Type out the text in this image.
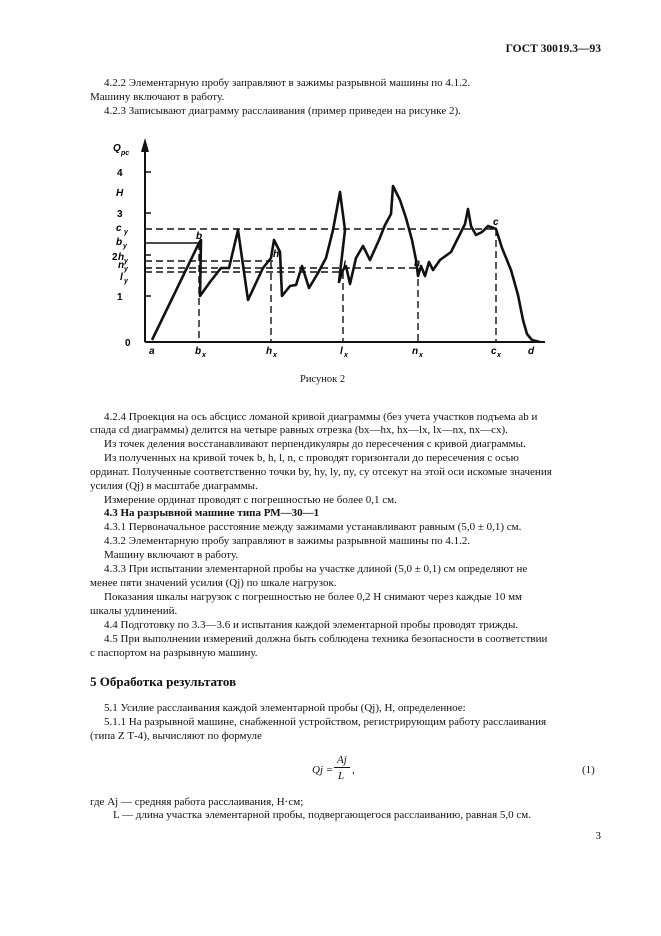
ГОСТ 30019.3—93
4.2.2 Элементарную пробу заправляют в зажимы разрывной машины по 4.1.2.
Машину включают в работу.
4.2.3 Записывают диаграмму расслаивания (пример приведен на рисунке 2).
Q pc
4
H
3
2
1
0
c y
b y
h y
n y
l y
a	b x	h x	l x	n x	c x	d
b
h
l	n
c
Рисунок 2
4.2.4 Проекция на ось абсцисс ломаной кривой диаграммы (без учета участков подъема ab и
спада cd диаграммы) делится на четыре равных отрезка (bx—hx, hx—lx, lx—nx, nx—cx).
Из точек деления восстанавливают перпендикуляры до пересечения с кривой диаграммы.
Из полученных на кривой точек b, h, l, n, c проводят горизонтали до пересечения с осью
ординат. Полученные соответственно точки by, hy, ly, ny, cy отсекут на этой оси искомые значения
усилия (Qj) в масштабе диаграммы.
Измерение ординат проводят с погрешностью не более 0,1 см.
4.3 На разрывной машине типа РМ—30—1
4.3.1 Первоначальное расстояние между зажимами устанавливают равным (5,0 ± 0,1) см.
4.3.2 Элементарную пробу заправляют в зажимы разрывной машины по 4.1.2.
Машину включают в работу.
4.3.3 При испытании элементарной пробы на участке длиной (5,0 ± 0,1) см определяют не
менее пяти значений усилия (Qj) по шкале нагрузок.
Показания шкалы нагрузок с погрешностью не более 0,2 Н снимают через каждые 10 мм
шкалы удлинений.
4.4 Подготовку по 3.3—3.6 и испытания каждой элементарной пробы проводят трижды.
4.5 При выполнении измерений должна быть соблюдена техника безопасности в соответствии
с паспортом на разрывную машину.
5 Обработка результатов
5.1 Усилие расслаивания каждой элементарной пробы (Qj), Н, определенное:
5.1.1 На разрывной машине, снабженной устройством, регистрирующим работу расслаивания
(типа Z Т-4), вычисляют по формуле
Qj =
Aj
L ,	(1)
где Aj — средняя работа расслаивания, Н·см;
L — длина участка элементарной пробы, подвергающегося расслаиванию, равная 5,0 см.
3
